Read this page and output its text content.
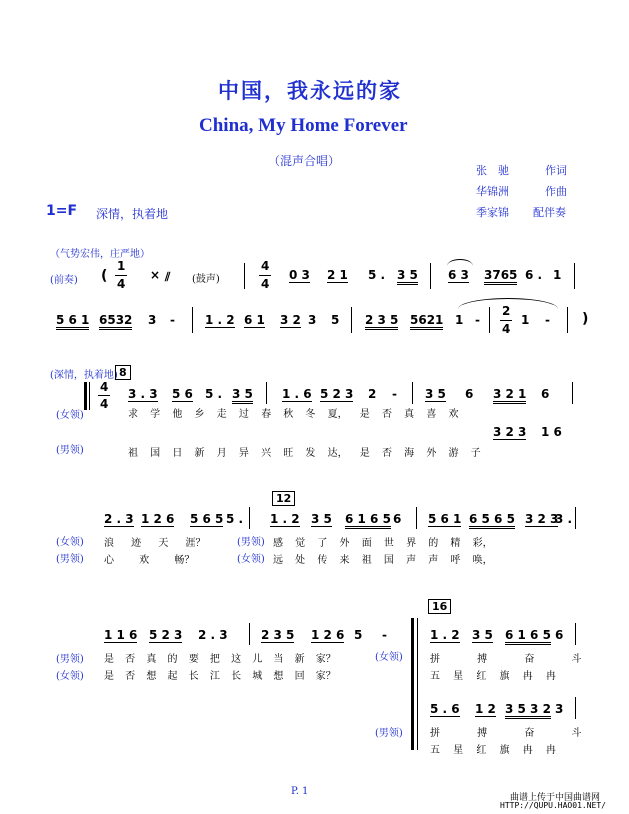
中国，我永远的家
China, My Home Forever
（混声合唱）
张　驰	作词
华锦洲	作曲
季家锦 配伴奏
1=F 深情，执着地
（气势宏伟，庄严地）
(前奏) (
1
4
× ⫽ (鼓声)
4
4
0 3 2 1 5 . 3 5	6 3 3765 6 . 1
5 6 1 6532 3 -	1 . 2 6 1 3 2 3 5 2 3 5 5621 1 -
2
4
1 - )
(深情，执着地) 8
4
4
(女领)
3 . 3 5 6 5 . 3 5 1 . 6 5 2 3 2 - 3 5 6 3 2 1 6
求 学 他 乡 走 过 春 秋 冬 夏， 是 否 真 喜 欢
3 2 3 1 6
(男领)	祖 国 日 新 月 异 兴 旺 发 达， 是 否 海 外 游 子
12
2 . 3 1 2 6 5 6 5 5 . 1 . 2 3 5 6 1 6 5 6 5 6 1 6 5 6 5 3 2 3
3 .
(女领) 浪 迹 天 涯？	(男领) 感 觉 了 外 面 世 界 的 精 彩，
(男领) 心 欢 畅？	(女领) 远 处 传 来 祖 国 声 声 呼 唤，
16
1 1 6 5 2 3 2 . 3	2 3 5 1 2 6 5 -
(男领) 是 否 真 的 要 把 这 儿 当 新 家？
(女领) 是 否 想 起 长 江 长 城 想 回 家？
(女领)
1 . 2 3 5 6 1 6 5 6
拼 搏 奋 斗
五 星 红 旗 冉 冉
5 . 6 1 2 3 5 3 2 3
(男领)	拼 搏 奋 斗
五 星 红 旗 冉 冉
P. 1
曲谱上传于中国曲谱网
HTTP://QUPU.HAO01.NET/
